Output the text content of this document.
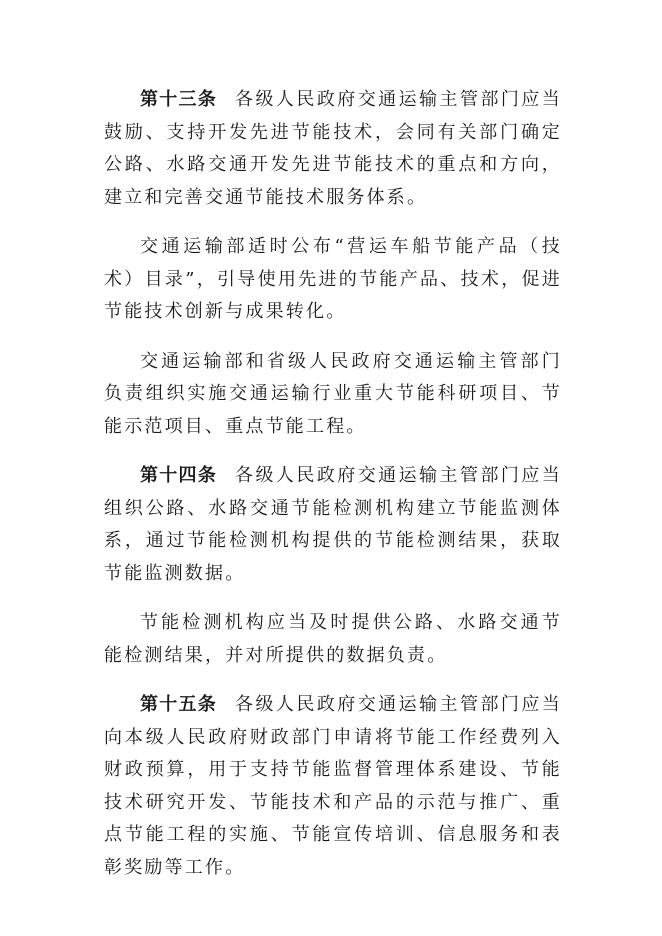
第十三条 各级人民政府交通运输主管部门应当鼓励、支持开发先进节能技术，会同有关部门确定公路、水路交通开发先进节能技术的重点和方向，建立和完善交通节能技术服务体系。

交通运输部适时公布“营运车船节能产品（技术）目录”，引导使用先进的节能产品、技术，促进节能技术创新与成果转化。

交通运输部和省级人民政府交通运输主管部门负责组织实施交通运输行业重大节能科研项目、节能示范项目、重点节能工程。

第十四条 各级人民政府交通运输主管部门应当组织公路、水路交通节能检测机构建立节能监测体系，通过节能检测机构提供的节能检测结果，获取节能监测数据。

节能检测机构应当及时提供公路、水路交通节能检测结果，并对所提供的数据负责。

第十五条 各级人民政府交通运输主管部门应当向本级人民政府财政部门申请将节能工作经费列入财政预算，用于支持节能监督管理体系建设、节能技术研究开发、节能技术和产品的示范与推广、重点节能工程的实施、节能宣传培训、信息服务和表彰奖励等工作。
